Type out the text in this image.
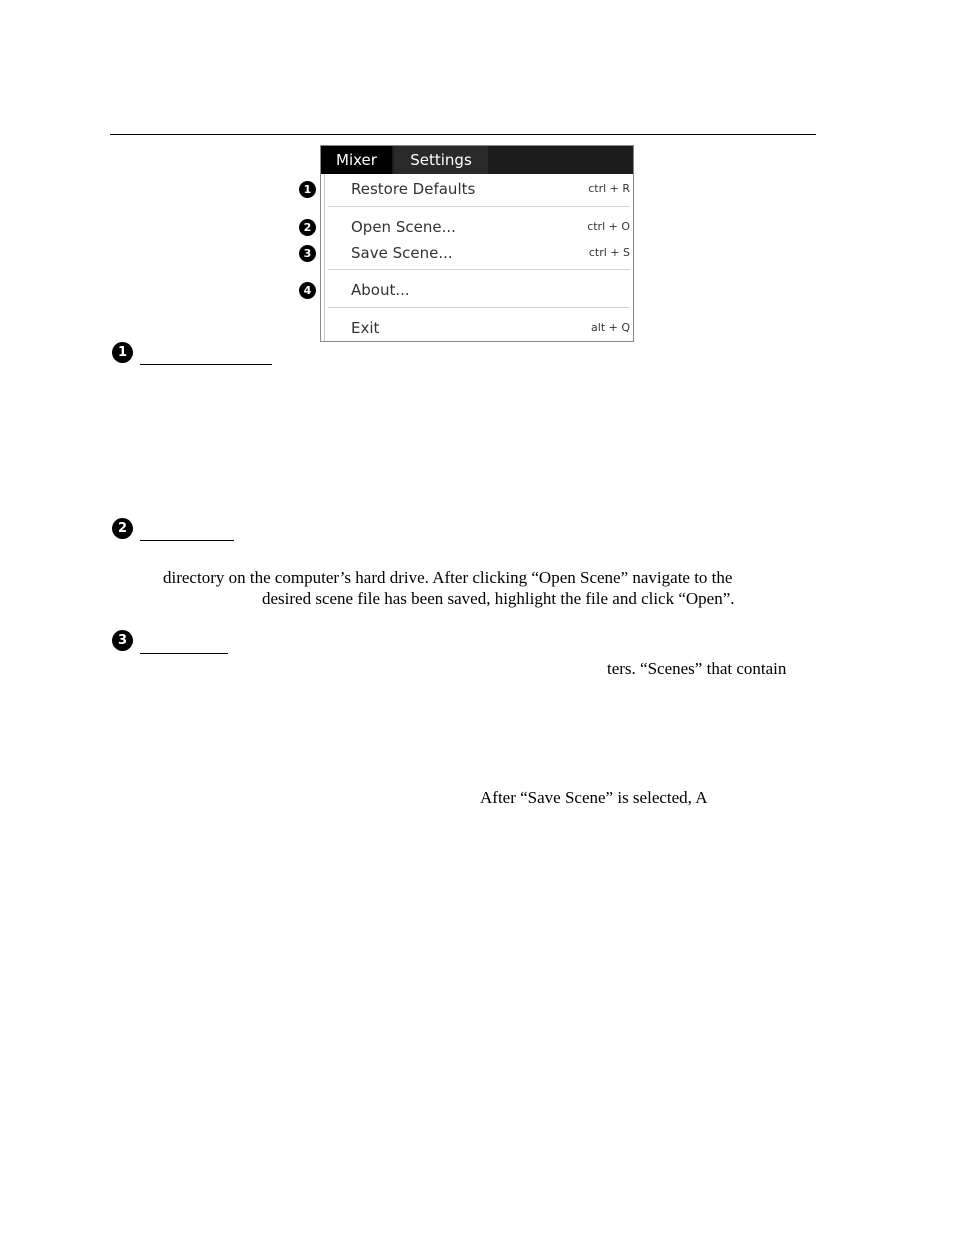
Mixer	Settings
Restore Defaults	ctrl + R
Open Scene...	ctrl + O
Save Scene...	ctrl + S
About...
Exit	alt + Q
1
2
3
4
1
2
directory on the computer’s hard drive. After clicking “Open Scene” navigate to the
desired scene file has been saved, highlight the file and click “Open”.
3
ters. “Scenes” that contain
After “Save Scene” is selected, A
